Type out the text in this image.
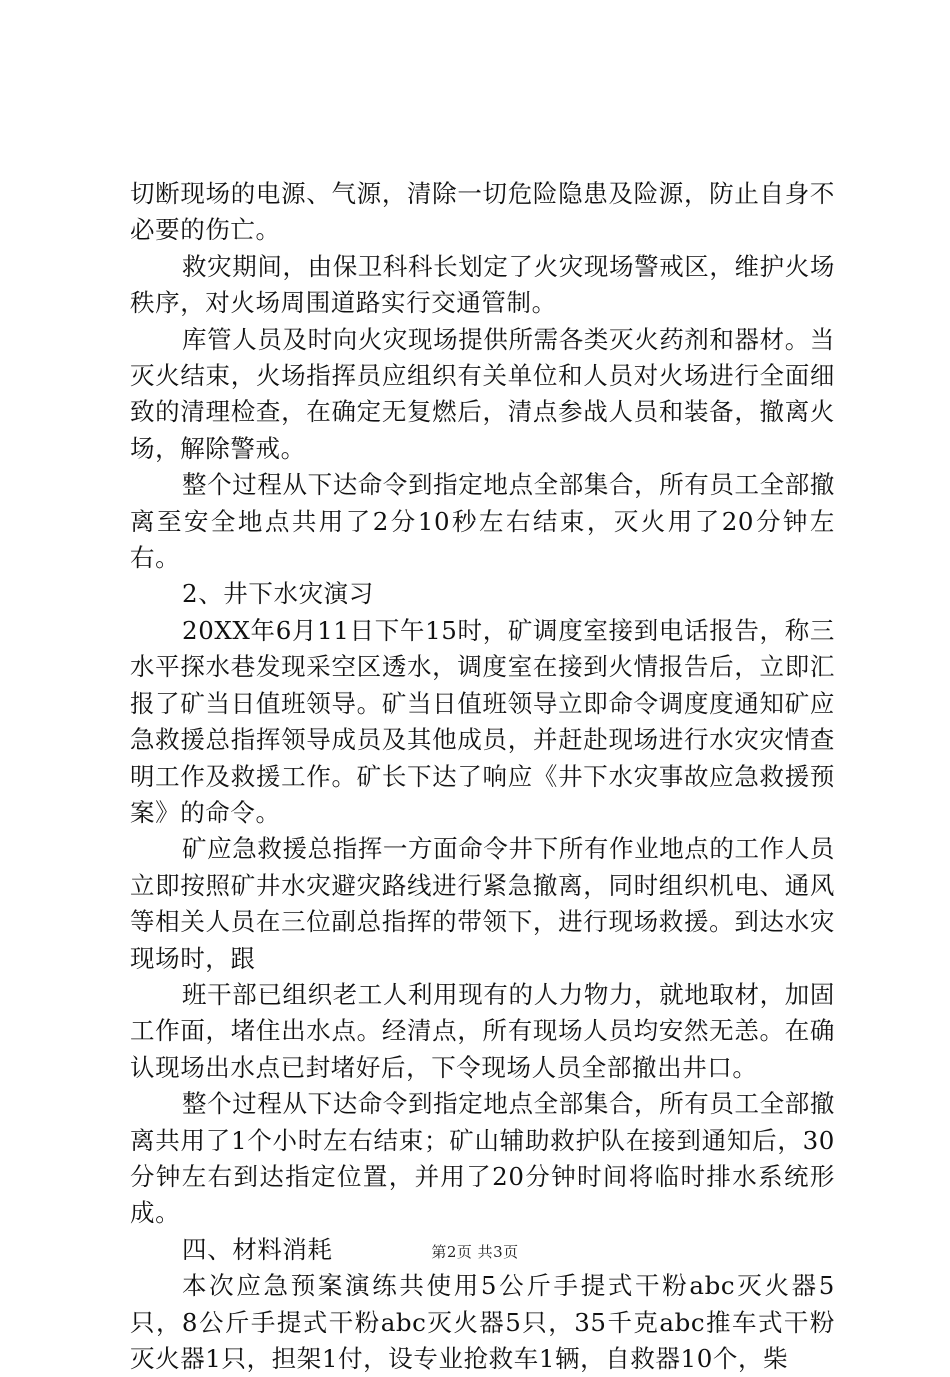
切断现场的电源、气源，清除一切危险隐患及险源，防止自身不必要的伤亡。

救灾期间，由保卫科科长划定了火灾现场警戒区，维护火场秩序，对火场周围道路实行交通管制。

库管人员及时向火灾现场提供所需各类灭火药剂和器材。当灭火结束，火场指挥员应组织有关单位和人员对火场进行全面细致的清理检查，在确定无复燃后，清点参战人员和装备，撤离火场，解除警戒。

整个过程从下达命令到指定地点全部集合，所有员工全部撤离至安全地点共用了2分10秒左右结束，灭火用了20分钟左右。

2、井下水灾演习

20XX年6月11日下午15时，矿调度室接到电话报告，称三水平探水巷发现采空区透水，调度室在接到火情报告后，立即汇报了矿当日值班领导。矿当日值班领导立即命令调度度通知矿应急救援总指挥领导成员及其他成员，并赶赴现场进行水灾灾情查明工作及救援工作。矿长下达了响应《井下水灾事故应急救援预案》的命令。

矿应急救援总指挥一方面命令井下所有作业地点的工作人员立即按照矿井水灾避灾路线进行紧急撤离，同时组织机电、通风等相关人员在三位副总指挥的带领下，进行现场救援。到达水灾现场时，跟

班干部已组织老工人利用现有的人力物力，就地取材，加固工作面，堵住出水点。经清点，所有现场人员均安然无恙。在确认现场出水点已封堵好后，下令现场人员全部撤出井口。

整个过程从下达命令到指定地点全部集合，所有员工全部撤离共用了1个小时左右结束；矿山辅助救护队在接到通知后，30分钟左右到达指定位置，并用了20分钟时间将临时排水系统形成。

四、材料消耗

本次应急预案演练共使用5公斤手提式干粉abc灭火器5只，8公斤手提式干粉abc灭火器5只，35千克abc推车式干粉灭火器1只，担架1付，设专业抢救车1辆，自救器10个，柴

第2页 共3页
